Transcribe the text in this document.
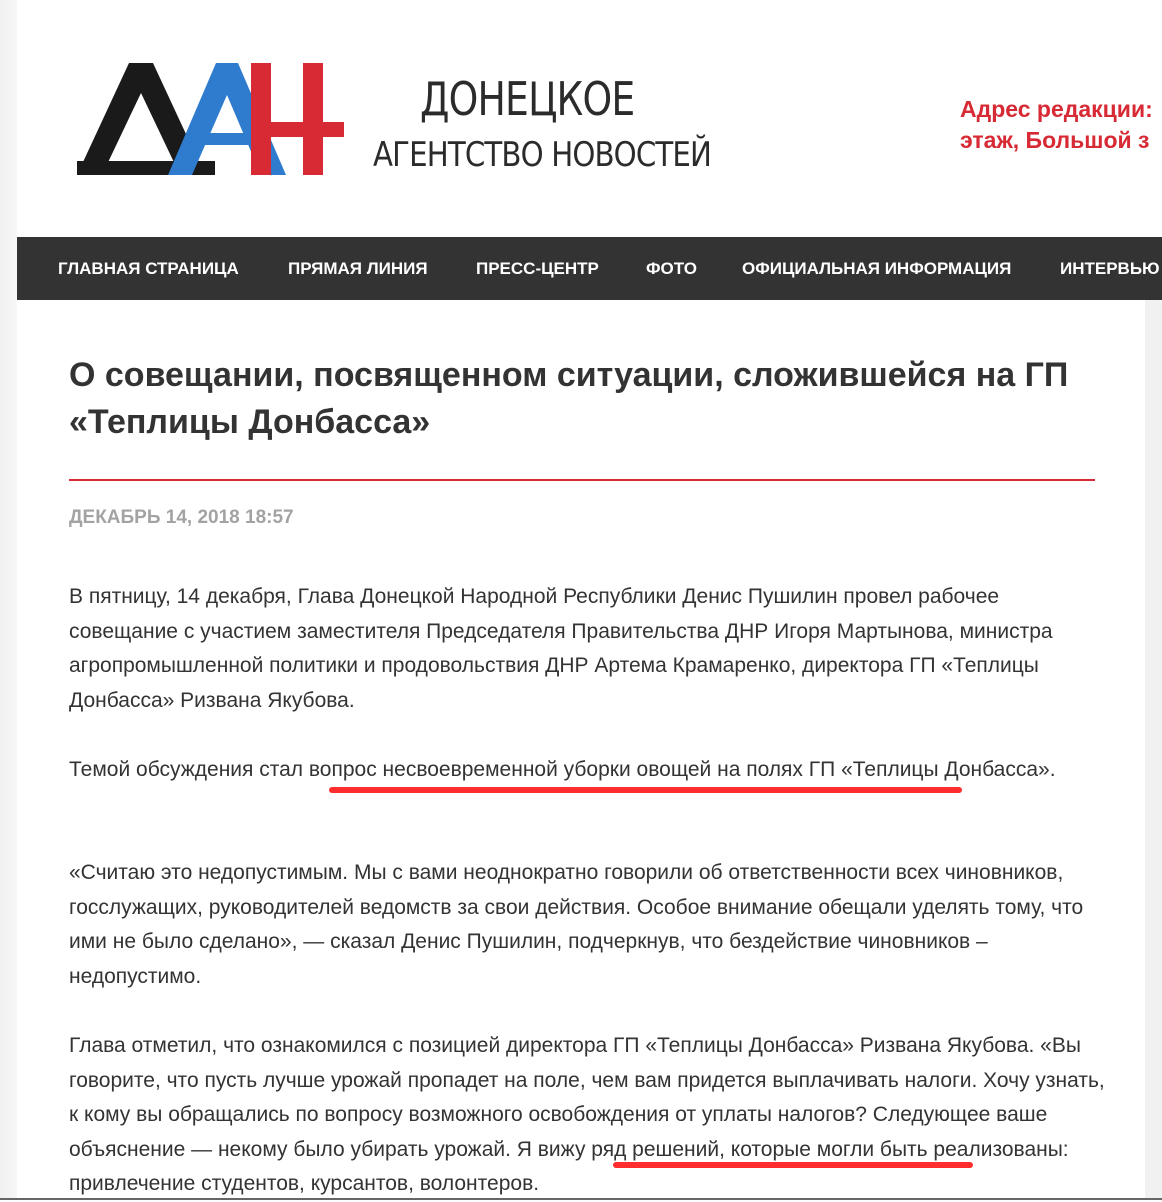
ДОНЕЦКОЕ
АГЕНТСТВО НОВОСТЕЙ
Адрес редакции:
этаж, Большой з
ГЛАВНАЯ СТРАНИЦА	ПРЯМАЯ ЛИНИЯ	ПРЕСС-ЦЕНТР	ФОТО	ОФИЦИАЛЬНАЯ ИНФОРМАЦИЯ	ИНТЕРВЬЮ
О совещании, посвященном ситуации, сложившейся на ГП «Теплицы Донбасса»
ДЕКАБРЬ 14, 2018 18:57

В пятницу, 14 декабря, Глава Донецкой Народной Республики Денис Пушилин провел рабочее совещание с участием заместителя Председателя Правительства ДНР Игоря Мартынова, министра агропромышленной политики и продовольствия ДНР Артема Крамаренко, директора ГП «Теплицы Донбасса» Ризвана Якубова.

Темой обсуждения стал вопрос несвоевременной уборки овощей на полях ГП «Теплицы Донбасса».

«Считаю это недопустимым. Мы с вами неоднократно говорили об ответственности всех чиновников, госслужащих, руководителей ведомств за свои действия. Особое внимание обещали уделять тому, что ими не было сделано», — сказал Денис Пушилин, подчеркнув, что бездействие чиновников – недопустимо.

Глава отметил, что ознакомился с позицией директора ГП «Теплицы Донбасса» Ризвана Якубова. «Вы говорите, что пусть лучше урожай пропадет на поле, чем вам придется выплачивать налоги. Хочу узнать, к кому вы обращались по вопросу возможного освобождения от уплаты налогов? Следующее ваше объяснение — некому было убирать урожай. Я вижу ряд решений, которые могли быть реализованы: привлечение студентов, курсантов, волонтеров.
